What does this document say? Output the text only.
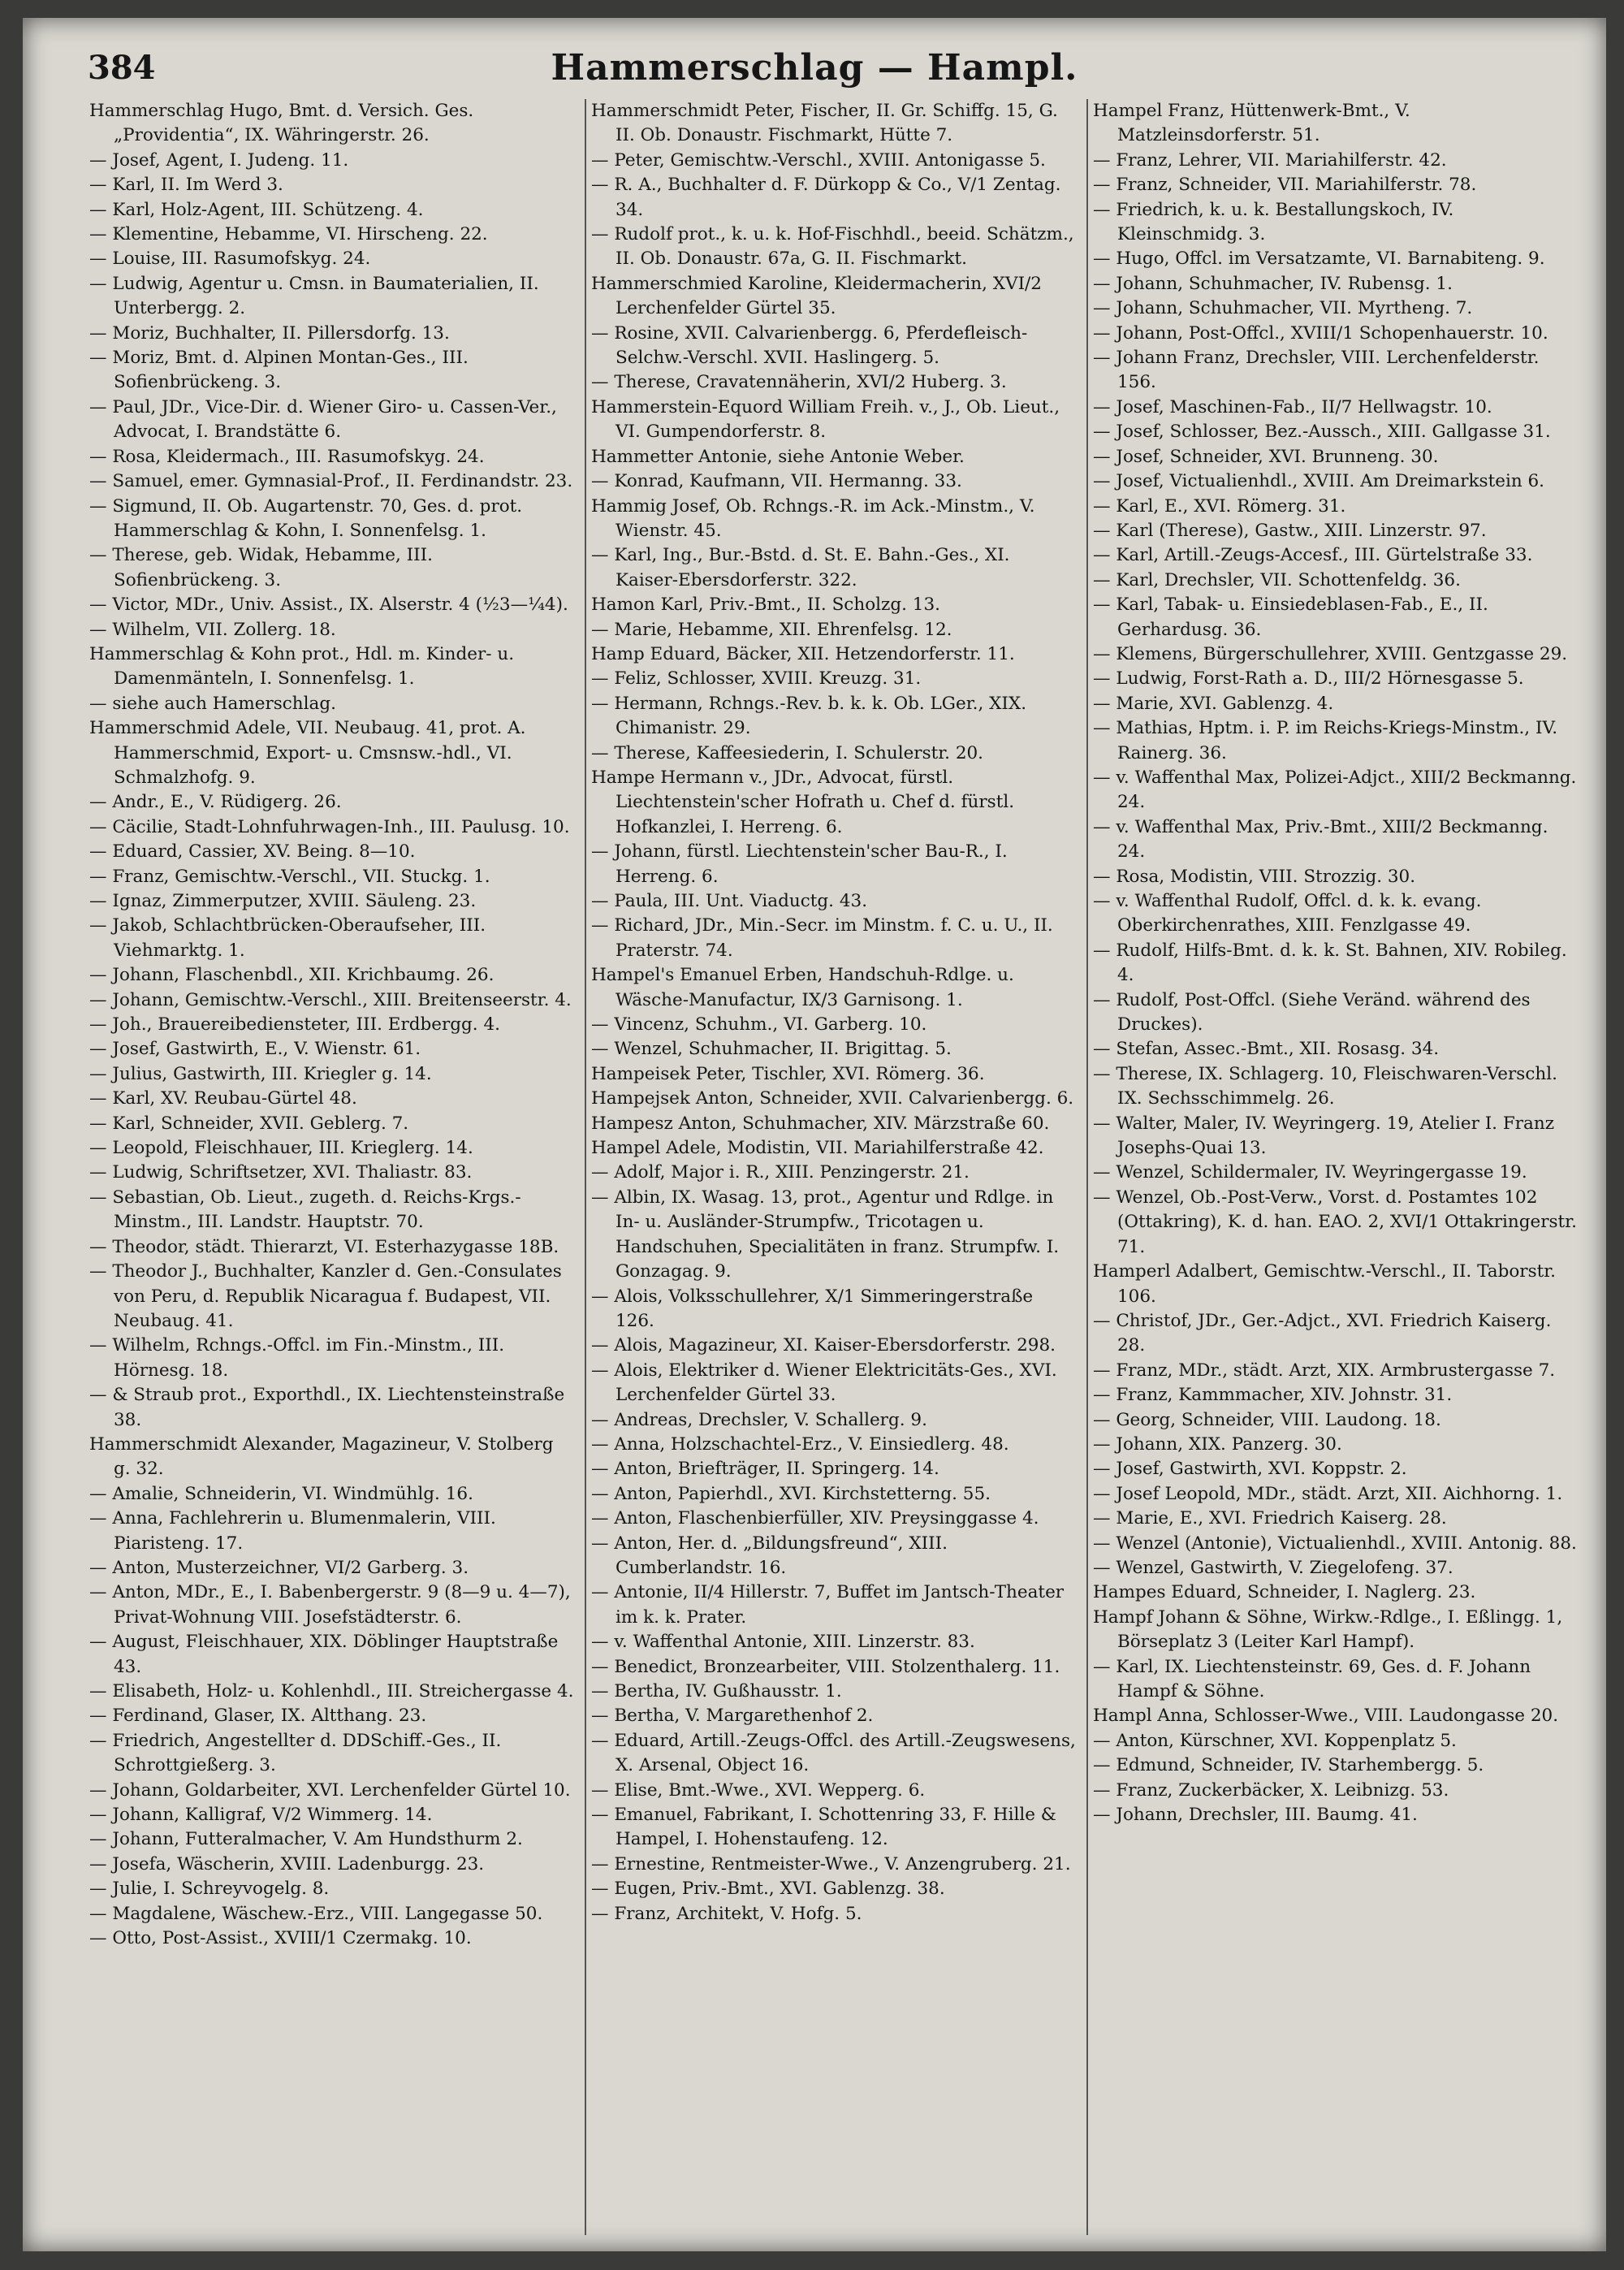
384	Hammerschlag — Hampl.
Hammerschlag Hugo, Bmt. d. Versich. Ges. „Providentia“, IX. Währingerstr. 26.
— Josef, Agent, I. Judeng. 11.
— Karl, II. Im Werd 3.
— Karl, Holz-Agent, III. Schützeng. 4.
— Klementine, Hebamme, VI. Hirscheng. 22.
— Louise, III. Rasumofskyg. 24.
— Ludwig, Agentur u. Cmsn. in Baumaterialien, II. Unterbergg. 2.
— Moriz, Buchhalter, II. Pillersdorfg. 13.
— Moriz, Bmt. d. Alpinen Montan-Ges., III. Sofienbrückeng. 3.
— Paul, JDr., Vice-Dir. d. Wiener Giro- u. Cassen-Ver., Advocat, I. Brandstätte 6.
— Rosa, Kleidermach., III. Rasumofskyg. 24.
— Samuel, emer. Gymnasial-Prof., II. Ferdinandstr. 23.
— Sigmund, II. Ob. Augartenstr. 70, Ges. d. prot. Hammerschlag & Kohn, I. Sonnenfelsg. 1.
— Therese, geb. Widak, Hebamme, III. Sofienbrückeng. 3.
— Victor, MDr., Univ. Assist., IX. Alserstr. 4 (½3—¼4).
— Wilhelm, VII. Zollerg. 18.
Hammerschlag & Kohn prot., Hdl. m. Kinder- u. Damenmänteln, I. Sonnenfelsg. 1.
— siehe auch Hamerschlag.
Hammerschmid Adele, VII. Neubaug. 41, prot. A. Hammerschmid, Export- u. Cmsnsw.-hdl., VI. Schmalzhofg. 9.
— Andr., E., V. Rüdigerg. 26.
— Cäcilie, Stadt-Lohnfuhrwagen-Inh., III. Paulusg. 10.
— Eduard, Cassier, XV. Being. 8—10.
— Franz, Gemischtw.-Verschl., VII. Stuckg. 1.
— Ignaz, Zimmerputzer, XVIII. Säuleng. 23.
— Jakob, Schlachtbrücken-Oberaufseher, III. Viehmarktg. 1.
— Johann, Flaschenbdl., XII. Krichbaumg. 26.
— Johann, Gemischtw.-Verschl., XIII. Breitenseerstr. 4.
— Joh., Brauereibediensteter, III. Erdbergg. 4.
— Josef, Gastwirth, E., V. Wienstr. 61.
— Julius, Gastwirth, III. Kriegler g. 14.
— Karl, XV. Reubau-Gürtel 48.
— Karl, Schneider, XVII. Geblerg. 7.
— Leopold, Fleischhauer, III. Krieglerg. 14.
— Ludwig, Schriftsetzer, XVI. Thaliastr. 83.
— Sebastian, Ob. Lieut., zugeth. d. Reichs-Krgs.-Minstm., III. Landstr. Hauptstr. 70.
— Theodor, städt. Thierarzt, VI. Esterhazygasse 18B.
— Theodor J., Buchhalter, Kanzler d. Gen.-Consulates von Peru, d. Republik Nicaragua f. Budapest, VII. Neubaug. 41.
— Wilhelm, Rchngs.-Offcl. im Fin.-Minstm., III. Hörnesg. 18.
— & Straub prot., Exporthdl., IX. Liechtensteinstraße 38.
Hammerschmidt Alexander, Magazineur, V. Stolberg g. 32.
— Amalie, Schneiderin, VI. Windmühlg. 16.
— Anna, Fachlehrerin u. Blumenmalerin, VIII. Piaristeng. 17.
— Anton, Musterzeichner, VI/2 Garberg. 3.
— Anton, MDr., E., I. Babenbergerstr. 9 (8—9 u. 4—7), Privat-Wohnung VIII. Josefstädterstr. 6.
— August, Fleischhauer, XIX. Döblinger Hauptstraße 43.
— Elisabeth, Holz- u. Kohlenhdl., III. Streichergasse 4.
— Ferdinand, Glaser, IX. Altthang. 23.
— Friedrich, Angestellter d. DDSchiff.-Ges., II. Schrottgießerg. 3.
— Johann, Goldarbeiter, XVI. Lerchenfelder Gürtel 10.
— Johann, Kalligraf, V/2 Wimmerg. 14.
— Johann, Futteralmacher, V. Am Hundsthurm 2.
— Josefa, Wäscherin, XVIII. Ladenburgg. 23.
— Julie, I. Schreyvogelg. 8.
— Magdalene, Wäschew.-Erz., VIII. Langegasse 50.
— Otto, Post-Assist., XVIII/1 Czermakg. 10.
Hammerschmidt Peter, Fischer, II. Gr. Schiffg. 15, G. II. Ob. Donaustr. Fischmarkt, Hütte 7.
— Peter, Gemischtw.-Verschl., XVIII. Antonigasse 5.
— R. A., Buchhalter d. F. Dürkopp & Co., V/1 Zentag. 34.
— Rudolf prot., k. u. k. Hof-Fischhdl., beeid. Schätzm., II. Ob. Donaustr. 67a, G. II. Fischmarkt.
Hammerschmied Karoline, Kleidermacherin, XVI/2 Lerchenfelder Gürtel 35.
— Rosine, XVII. Calvarienbergg. 6, Pferdefleisch-Selchw.-Verschl. XVII. Haslingerg. 5.
— Therese, Cravatennäherin, XVI/2 Huberg. 3.
Hammerstein-Equord William Freih. v., J., Ob. Lieut., VI. Gumpendorferstr. 8.
Hammetter Antonie, siehe Antonie Weber.
— Konrad, Kaufmann, VII. Hermanng. 33.
Hammig Josef, Ob. Rchngs.-R. im Ack.-Minstm., V. Wienstr. 45.
— Karl, Ing., Bur.-Bstd. d. St. E. Bahn.-Ges., XI. Kaiser-Ebersdorferstr. 322.
Hamon Karl, Priv.-Bmt., II. Scholzg. 13.
— Marie, Hebamme, XII. Ehrenfelsg. 12.
Hamp Eduard, Bäcker, XII. Hetzendorferstr. 11.
— Feliz, Schlosser, XVIII. Kreuzg. 31.
— Hermann, Rchngs.-Rev. b. k. k. Ob. LGer., XIX. Chimanistr. 29.
— Therese, Kaffeesiederin, I. Schulerstr. 20.
Hampe Hermann v., JDr., Advocat, fürstl. Liechtenstein'scher Hofrath u. Chef d. fürstl. Hofkanzlei, I. Herreng. 6.
— Johann, fürstl. Liechtenstein'scher Bau-R., I. Herreng. 6.
— Paula, III. Unt. Viaductg. 43.
— Richard, JDr., Min.-Secr. im Minstm. f. C. u. U., II. Praterstr. 74.
Hampel's Emanuel Erben, Handschuh-Rdlge. u. Wäsche-Manufactur, IX/3 Garnisong. 1.
— Vincenz, Schuhm., VI. Garberg. 10.
— Wenzel, Schuhmacher, II. Brigittag. 5.
Hampeisek Peter, Tischler, XVI. Römerg. 36.
Hampejsek Anton, Schneider, XVII. Calvarienbergg. 6.
Hampesz Anton, Schuhmacher, XIV. Märzstraße 60.
Hampel Adele, Modistin, VII. Mariahilferstraße 42.
— Adolf, Major i. R., XIII. Penzingerstr. 21.
— Albin, IX. Wasag. 13, prot., Agentur und Rdlge. in In- u. Ausländer-Strumpfw., Tricotagen u. Handschuhen, Specialitäten in franz. Strumpfw. I. Gonzagag. 9.
— Alois, Volksschullehrer, X/1 Simmeringerstraße 126.
— Alois, Magazineur, XI. Kaiser-Ebersdorferstr. 298.
— Alois, Elektriker d. Wiener Elektricitäts-Ges., XVI. Lerchenfelder Gürtel 33.
— Andreas, Drechsler, V. Schallerg. 9.
— Anna, Holzschachtel-Erz., V. Einsiedlerg. 48.
— Anton, Briefträger, II. Springerg. 14.
— Anton, Papierhdl., XVI. Kirchstetterng. 55.
— Anton, Flaschenbierfüller, XIV. Preysinggasse 4.
— Anton, Her. d. „Bildungsfreund“, XIII. Cumberlandstr. 16.
— Antonie, II/4 Hillerstr. 7, Buffet im Jantsch-Theater im k. k. Prater.
— v. Waffenthal Antonie, XIII. Linzerstr. 83.
— Benedict, Bronzearbeiter, VIII. Stolzenthalerg. 11.
— Bertha, IV. Gußhausstr. 1.
— Bertha, V. Margarethenhof 2.
— Eduard, Artill.-Zeugs-Offcl. des Artill.-Zeugswesens, X. Arsenal, Object 16.
— Elise, Bmt.-Wwe., XVI. Wepperg. 6.
— Emanuel, Fabrikant, I. Schottenring 33, F. Hille & Hampel, I. Hohenstaufeng. 12.
— Ernestine, Rentmeister-Wwe., V. Anzengruberg. 21.
— Eugen, Priv.-Bmt., XVI. Gablenzg. 38.
— Franz, Architekt, V. Hofg. 5.
Hampel Franz, Hüttenwerk-Bmt., V. Matzleinsdorferstr. 51.
— Franz, Lehrer, VII. Mariahilferstr. 42.
— Franz, Schneider, VII. Mariahilferstr. 78.
— Friedrich, k. u. k. Bestallungskoch, IV. Kleinschmidg. 3.
— Hugo, Offcl. im Versatzamte, VI. Barnabiteng. 9.
— Johann, Schuhmacher, IV. Rubensg. 1.
— Johann, Schuhmacher, VII. Myrtheng. 7.
— Johann, Post-Offcl., XVIII/1 Schopenhauerstr. 10.
— Johann Franz, Drechsler, VIII. Lerchenfelderstr. 156.
— Josef, Maschinen-Fab., II/7 Hellwagstr. 10.
— Josef, Schlosser, Bez.-Aussch., XIII. Gallgasse 31.
— Josef, Schneider, XVI. Brunneng. 30.
— Josef, Victualienhdl., XVIII. Am Dreimarkstein 6.
— Karl, E., XVI. Römerg. 31.
— Karl (Therese), Gastw., XIII. Linzerstr. 97.
— Karl, Artill.-Zeugs-Accesf., III. Gürtelstraße 33.
— Karl, Drechsler, VII. Schottenfeldg. 36.
— Karl, Tabak- u. Einsiedeblasen-Fab., E., II. Gerhardusg. 36.
— Klemens, Bürgerschullehrer, XVIII. Gentzgasse 29.
— Ludwig, Forst-Rath a. D., III/2 Hörnesgasse 5.
— Marie, XVI. Gablenzg. 4.
— Mathias, Hptm. i. P. im Reichs-Kriegs-Minstm., IV. Rainerg. 36.
— v. Waffenthal Max, Polizei-Adjct., XIII/2 Beckmanng. 24.
— v. Waffenthal Max, Priv.-Bmt., XIII/2 Beckmanng. 24.
— Rosa, Modistin, VIII. Strozzig. 30.
— v. Waffenthal Rudolf, Offcl. d. k. k. evang. Oberkirchenrathes, XIII. Fenzlgasse 49.
— Rudolf, Hilfs-Bmt. d. k. k. St. Bahnen, XIV. Robileg. 4.
— Rudolf, Post-Offcl. (Siehe Veränd. während des Druckes).
— Stefan, Assec.-Bmt., XII. Rosasg. 34.
— Therese, IX. Schlagerg. 10, Fleischwaren-Verschl. IX. Sechsschimmelg. 26.
— Walter, Maler, IV. Weyringerg. 19, Atelier I. Franz Josephs-Quai 13.
— Wenzel, Schildermaler, IV. Weyringergasse 19.
— Wenzel, Ob.-Post-Verw., Vorst. d. Postamtes 102 (Ottakring), K. d. han. EAO. 2, XVI/1 Ottakringerstr. 71.
Hamperl Adalbert, Gemischtw.-Verschl., II. Taborstr. 106.
— Christof, JDr., Ger.-Adjct., XVI. Friedrich Kaiserg. 28.
— Franz, MDr., städt. Arzt, XIX. Armbrustergasse 7.
— Franz, Kammmacher, XIV. Johnstr. 31.
— Georg, Schneider, VIII. Laudong. 18.
— Johann, XIX. Panzerg. 30.
— Josef, Gastwirth, XVI. Koppstr. 2.
— Josef Leopold, MDr., städt. Arzt, XII. Aichhorng. 1.
— Marie, E., XVI. Friedrich Kaiserg. 28.
— Wenzel (Antonie), Victualienhdl., XVIII. Antonig. 88.
— Wenzel, Gastwirth, V. Ziegelofeng. 37.
Hampes Eduard, Schneider, I. Naglerg. 23.
Hampf Johann & Söhne, Wirkw.-Rdlge., I. Eßlingg. 1, Börseplatz 3 (Leiter Karl Hampf).
— Karl, IX. Liechtensteinstr. 69, Ges. d. F. Johann Hampf & Söhne.
Hampl Anna, Schlosser-Wwe., VIII. Laudongasse 20.
— Anton, Kürschner, XVI. Koppenplatz 5.
— Edmund, Schneider, IV. Starhembergg. 5.
— Franz, Zuckerbäcker, X. Leibnizg. 53.
— Johann, Drechsler, III. Baumg. 41.
